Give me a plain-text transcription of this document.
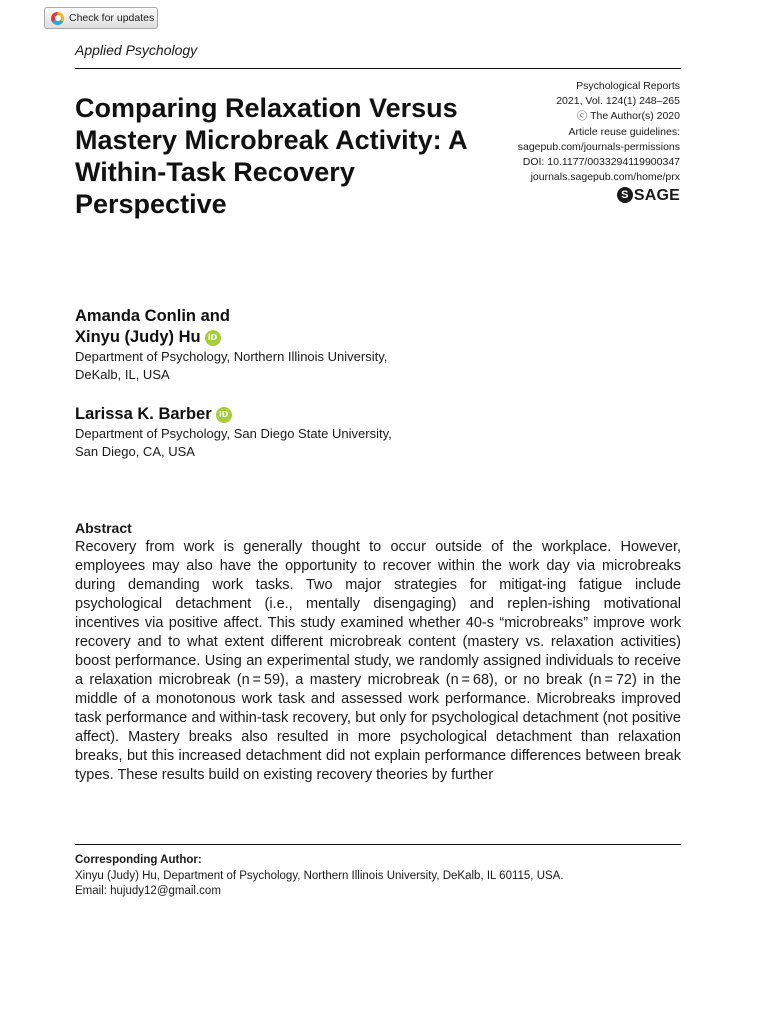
Check for updates
Applied Psychology
Comparing Relaxation Versus Mastery Microbreak Activity: A Within-Task Recovery Perspective
Psychological Reports
2021, Vol. 124(1) 248–265
ⓒ The Author(s) 2020
Article reuse guidelines:
sagepub.com/journals-permissions
DOI: 10.1177/0033294119900347
journals.sagepub.com/home/prx
S SAGE
Amanda Conlin and
Xinyu (Judy) Hu iD
Department of Psychology, Northern Illinois University,
DeKalb, IL, USA
Larissa K. Barber iD
Department of Psychology, San Diego State University,
San Diego, CA, USA
Abstract

Recovery from work is generally thought to occur outside of the workplace. However, employees may also have the opportunity to recover within the work day via microbreaks during demanding work tasks. Two major strategies for mitigat-ing fatigue include psychological detachment (i.e., mentally disengaging) and replen-ishing motivational incentives via positive affect. This study examined whether 40-s “microbreaks” improve work recovery and to what extent different microbreak content (mastery vs. relaxation activities) boost performance. Using an experimental study, we randomly assigned individuals to receive a relaxation microbreak (n = 59), a mastery microbreak (n = 68), or no break (n = 72) in the middle of a monotonous work task and assessed work performance. Microbreaks improved task performance and within-task recovery, but only for psychological detachment (not positive affect). Mastery breaks also resulted in more psychological detachment than relaxation breaks, but this increased detachment did not explain performance differences between break types. These results build on existing recovery theories by further

Corresponding Author:
Xinyu (Judy) Hu, Department of Psychology, Northern Illinois University, DeKalb, IL 60115, USA.
Email: hujudy12@gmail.com
